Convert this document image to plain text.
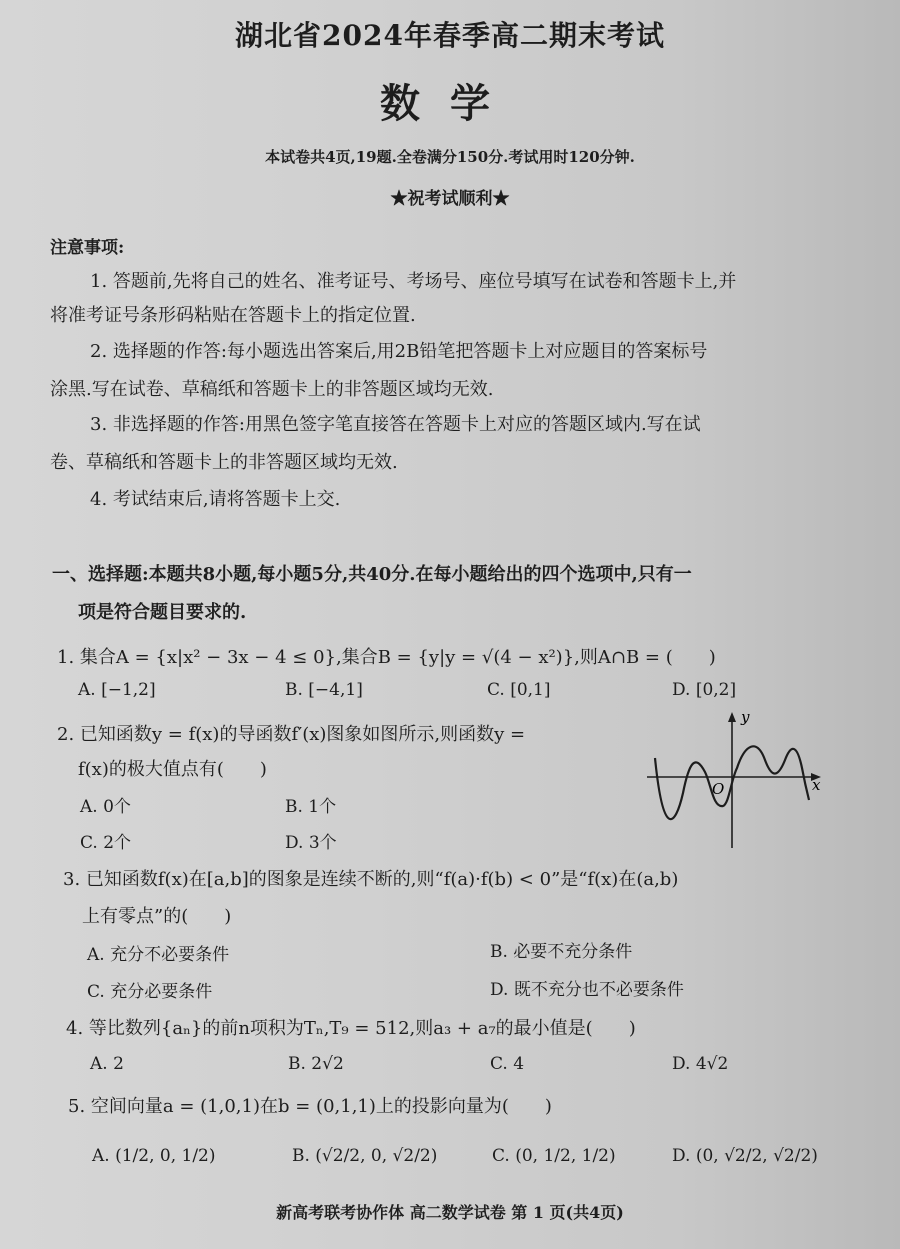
湖北省2024年春季高二期末考试
数学
本试卷共4页,19题.全卷满分150分.考试用时120分钟.
★祝考试顺利★
注意事项:
1. 答题前,先将自己的姓名、准考证号、考场号、座位号填写在试卷和答题卡上,并
将准考证号条形码粘贴在答题卡上的指定位置.
2. 选择题的作答:每小题选出答案后,用2B铅笔把答题卡上对应题目的答案标号
涂黑.写在试卷、草稿纸和答题卡上的非答题区域均无效.
3. 非选择题的作答:用黑色签字笔直接答在答题卡上对应的答题区域内.写在试
卷、草稿纸和答题卡上的非答题区域均无效.
4. 考试结束后,请将答题卡上交.
一、选择题:本题共8小题,每小题5分,共40分.在每小题给出的四个选项中,只有一
项是符合题目要求的.
1. 集合A = {x|x² − 3x − 4 ≤ 0},集合B = {y|y = √(4 − x²)},则A∩B = (　　)
A. [−1,2]	B. [−4,1]	C. [0,1]	D. [0,2]
2. 已知函数y = f(x)的导函数f′(x)图象如图所示,则函数y =
f(x)的极大值点有(　　)
A. 0个	B. 1个
C. 2个	D. 3个
y
x
O
3. 已知函数f(x)在[a,b]的图象是连续不断的,则“f(a)·f(b) < 0”是“f(x)在(a,b)
上有零点”的(　　)
A. 充分不必要条件	B. 必要不充分条件
C. 充分必要条件	D. 既不充分也不必要条件
4. 等比数列{aₙ}的前n项积为Tₙ,T₉ = 512,则a₃ + a₇的最小值是(　　)
A. 2	B. 2√2	C. 4	D. 4√2
5. 空间向量a = (1,0,1)在b = (0,1,1)上的投影向量为(　　)
A. (1/2, 0, 1/2)	B. (√2/2, 0, √2/2)	C. (0, 1/2, 1/2)	D. (0, √2/2, √2/2)
新高考联考协作体 高二数学试卷 第 1 页(共4页)
